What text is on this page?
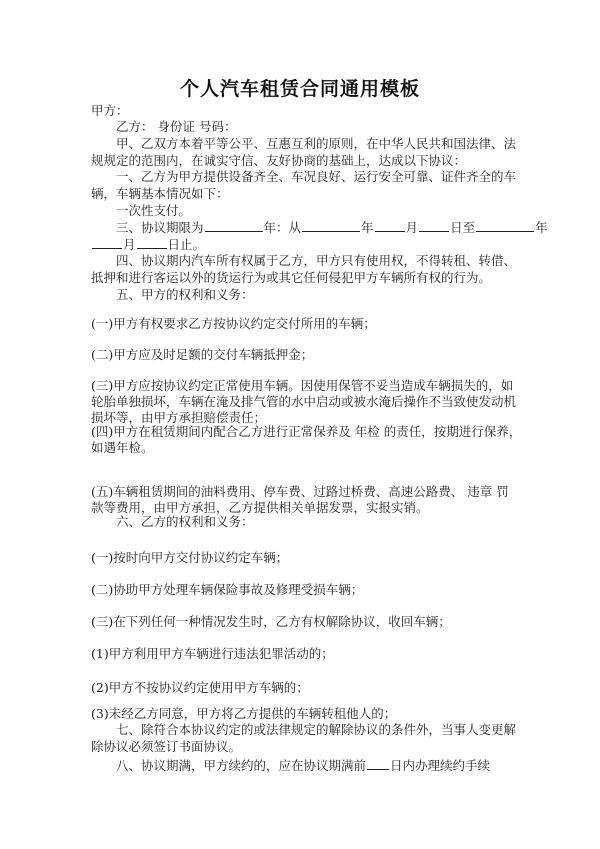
个人汽车租赁合同通用模板
甲方：
乙方： 身份证 号码：
甲、乙双方本着平等公平、互惠互利的原则，在中华人民共和国法律、法
规规定的范围内，在诚实守信、友好协商的基础上，达成以下协议：
一、乙方为甲方提供设备齐全、车况良好、运行安全可靠、证件齐全的车
辆，车辆基本情况如下：
一次性支付。
三、协议期限为	年：从	年	月	日至	年
月	日止。
四、协议期内汽车所有权属于乙方，甲方只有使用权，不得转租、转借、
抵押和进行客运以外的货运行为或其它任何侵犯甲方车辆所有权的行为。
五、甲方的权利和义务：
(一)甲方有权要求乙方按协议约定交付所用的车辆；
(二)甲方应及时足额的交付车辆抵押金；
(三)甲方应按协议约定正常使用车辆。因使用保管不妥当造成车辆损失的，如
轮胎单独损坏，车辆在淹及排气管的水中启动或被水淹后操作不当致使发动机
损坏等，由甲方承担赔偿责任；
(四)甲方在租赁期间内配合乙方进行正常保养及 年检 的责任，按期进行保养，
如遇年检。
(五)车辆租赁期间的油料费用、停车费、过路过桥费、高速公路费、 违章 罚
款等费用，由甲方承担，乙方提供相关单据发票，实报实销。
六、乙方的权利和义务：
(一)按时向甲方交付协议约定车辆；
(二)协助甲方处理车辆保险事故及修理受损车辆；
(三)在下列任何一种情况发生时，乙方有权解除协议，收回车辆；
(1)甲方利用甲方车辆进行违法犯罪活动的；
(2)甲方不按协议约定使用甲方车辆的；
(3)未经乙方同意，甲方将乙方提供的车辆转租他人的；
七、除符合本协议约定的或法律规定的解除协议的条件外，当事人变更解
除协议必须签订书面协议。
八、协议期满，甲方续约的，应在协议期满前 日内办理续约手续
